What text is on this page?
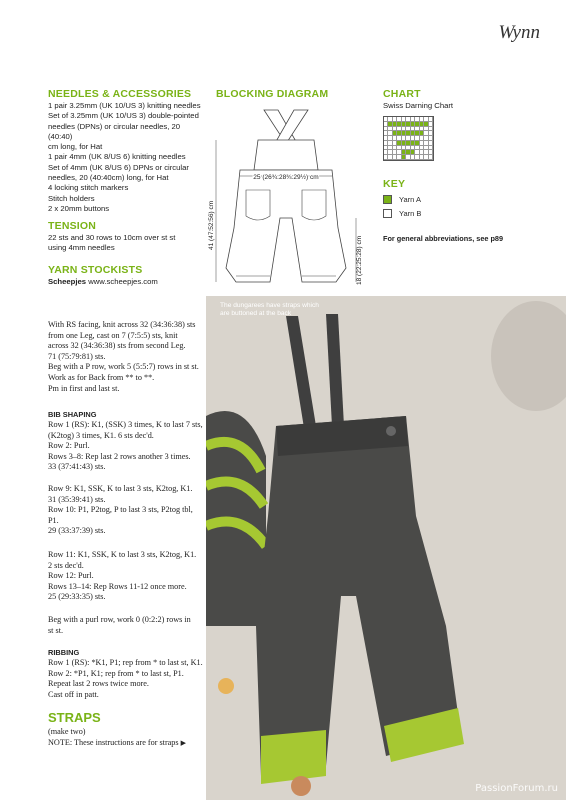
Wynn
NEEDLES & ACCESSORIES
1 pair 3.25mm (UK 10/US 3) knitting needles
Set of 3.25mm (UK 10/US 3) double-pointed
needles (DPNs) or circular needles, 20 (40:40)
cm long, for Hat
1 pair 4mm (UK 8/US 6) knitting needles
Set of 4mm (UK 8/US 6) DPNs or circular
needles, 20 (40:40cm) long, for Hat
4 locking stitch markers
Stitch holders
2 x 20mm buttons
TENSION
22 sts and 30 rows to 10cm over st st
using 4mm needles
YARN STOCKISTS
Scheepjes www.scheepjes.com
BLOCKING DIAGRAM
25 (26¾:28¾:29½) cm
41 (47:52:56) cm
18 (22:25:28) cm
CHART
Swiss Darning Chart
KEY
Yarn A
Yarn B
For general abbreviations, see p89
The dungarees have straps which are buttoned at the back
With RS facing, knit across 32 (34:36:38) sts
from one Leg, cast on 7 (7:5:5) sts, knit
across 32 (34:36:38) sts from second Leg.
71 (75:79:81) sts.
Beg with a P row, work 5 (5:5:7) rows in st st.
Work as for Back from ** to **.
Pm in first and last st.
BIB SHAPING
Row 1 (RS): K1, (SSK) 3 times, K to last 7 sts,
(K2tog) 3 times, K1. 6 sts dec'd.
Row 2: Purl.
Rows 3–8: Rep last 2 rows another 3 times.
33 (37:41:43) sts.
Row 9: K1, SSK, K to last 3 sts, K2tog, K1.
31 (35:39:41) sts.
Row 10: P1, P2tog, P to last 3 sts, P2tog tbl,
P1.
29 (33:37:39) sts.
Row 11: K1, SSK, K to last 3 sts, K2tog, K1.
2 sts dec'd.
Row 12: Purl.
Rows 13–14: Rep Rows 11-12 once more.
25 (29:33:35) sts.
Beg with a purl row, work 0 (0:2:2) rows in
st st.
RIBBING
Row 1 (RS): *K1, P1; rep from * to last st, K1.
Row 2: *P1, K1; rep from * to last st, P1.
Repeat last 2 rows twice more.
Cast off in patt.
STRAPS
(make two)
NOTE: These instructions are for straps ▶
PassionForum.ru
